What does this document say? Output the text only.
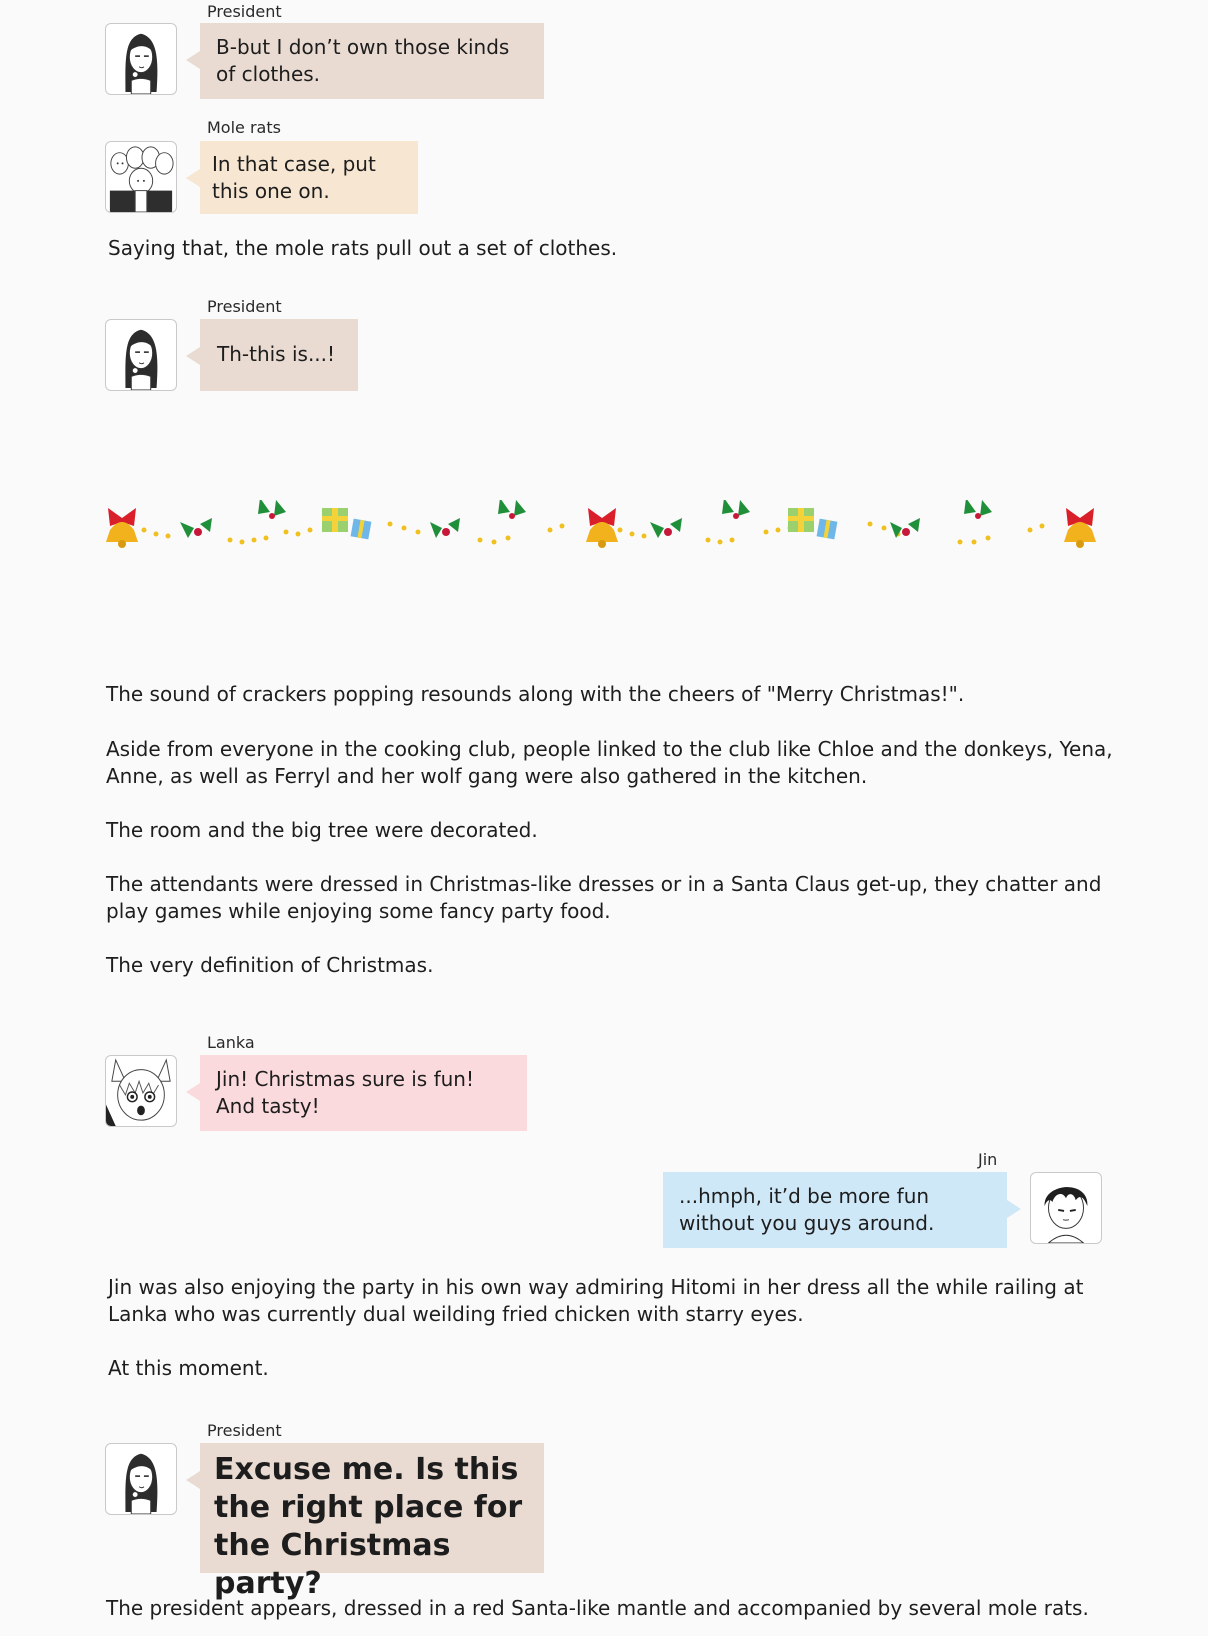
President
B-but I don’t own those kinds of clothes.
Mole rats
In that case, put this one on.
Saying that, the mole rats pull out a set of clothes.
President
Th-this is...!
The sound of crackers popping resounds along with the cheers of "Merry Christmas!".
Aside from everyone in the cooking club, people linked to the club like Chloe and the donkeys, Yena, Anne, as well as Ferryl and her wolf gang were also gathered in the kitchen.
The room and the big tree were decorated.
The attendants were dressed in Christmas-like dresses or in a Santa Claus get-up, they chatter and play games while enjoying some fancy party food.
The very definition of Christmas.
Lanka
Jin! Christmas sure is fun! And tasty!
Jin
...hmph, it’d be more fun without you guys around.
Jin was also enjoying the party in his own way admiring Hitomi in her dress all the while railing at Lanka who was currently dual weilding fried chicken with starry eyes.
At this moment.
President
Excuse me. Is this the right place for the Christmas party?
The president appears, dressed in a red Santa-like mantle and accompanied by several mole rats.
